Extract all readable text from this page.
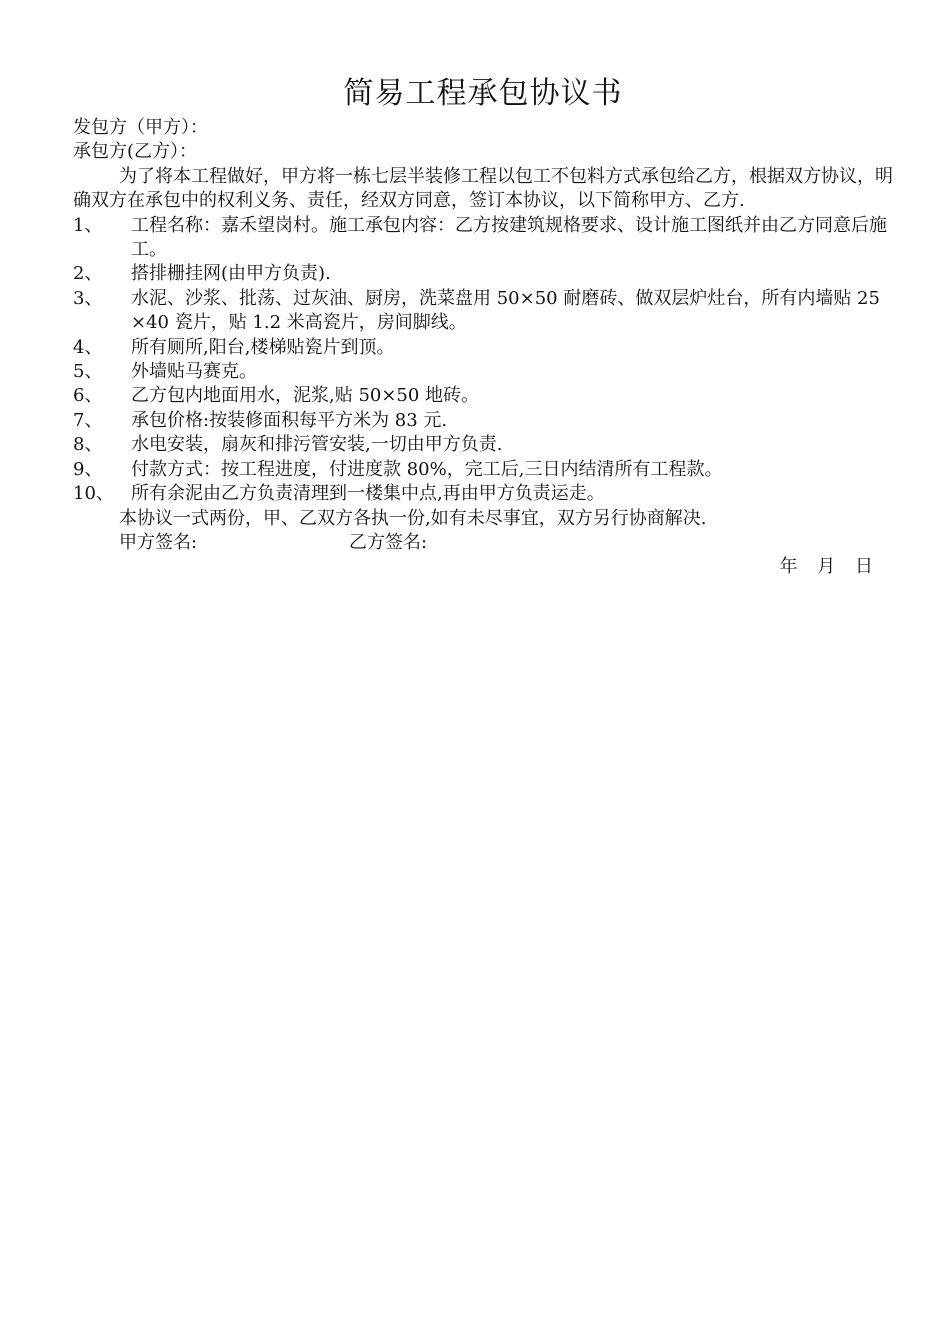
简易工程承包协议书
发包方（甲方）：
承包方(乙方）：
为了将本工程做好，甲方将一栋七层半装修工程以包工不包料方式承包给乙方，根据双方协议，明确双方在承包中的权利义务、责任，经双方同意，签订本协议，以下简称甲方、乙方.
1、	工程名称：嘉禾望岗村。施工承包内容：乙方按建筑规格要求、设计施工图纸并由乙方同意后施工。
2、	搭排栅挂网(由甲方负责).
3、	水泥、沙浆、批荡、过灰油、厨房，洗菜盘用 50×50 耐磨砖、做双层炉灶台，所有内墙贴 25×40 瓷片，贴 1.2 米高瓷片，房间脚线。
4、	所有厕所,阳台,楼梯贴瓷片到顶。
5、	外墙贴马赛克。
6、	乙方包内地面用水，泥浆,贴 50×50 地砖。
7、	承包价格:按装修面积每平方米为 83 元.
8、	水电安装，扇灰和排污管安装,一切由甲方负责.
9、	付款方式：按工程进度，付进度款 80%，完工后,三日内结清所有工程款。
10、 所有余泥由乙方负责清理到一楼集中点,再由甲方负责运走。
本协议一式两份，甲、乙双方各执一份,如有未尽事宜，双方另行协商解决.
甲方签名:	乙方签名:
年 月 日
